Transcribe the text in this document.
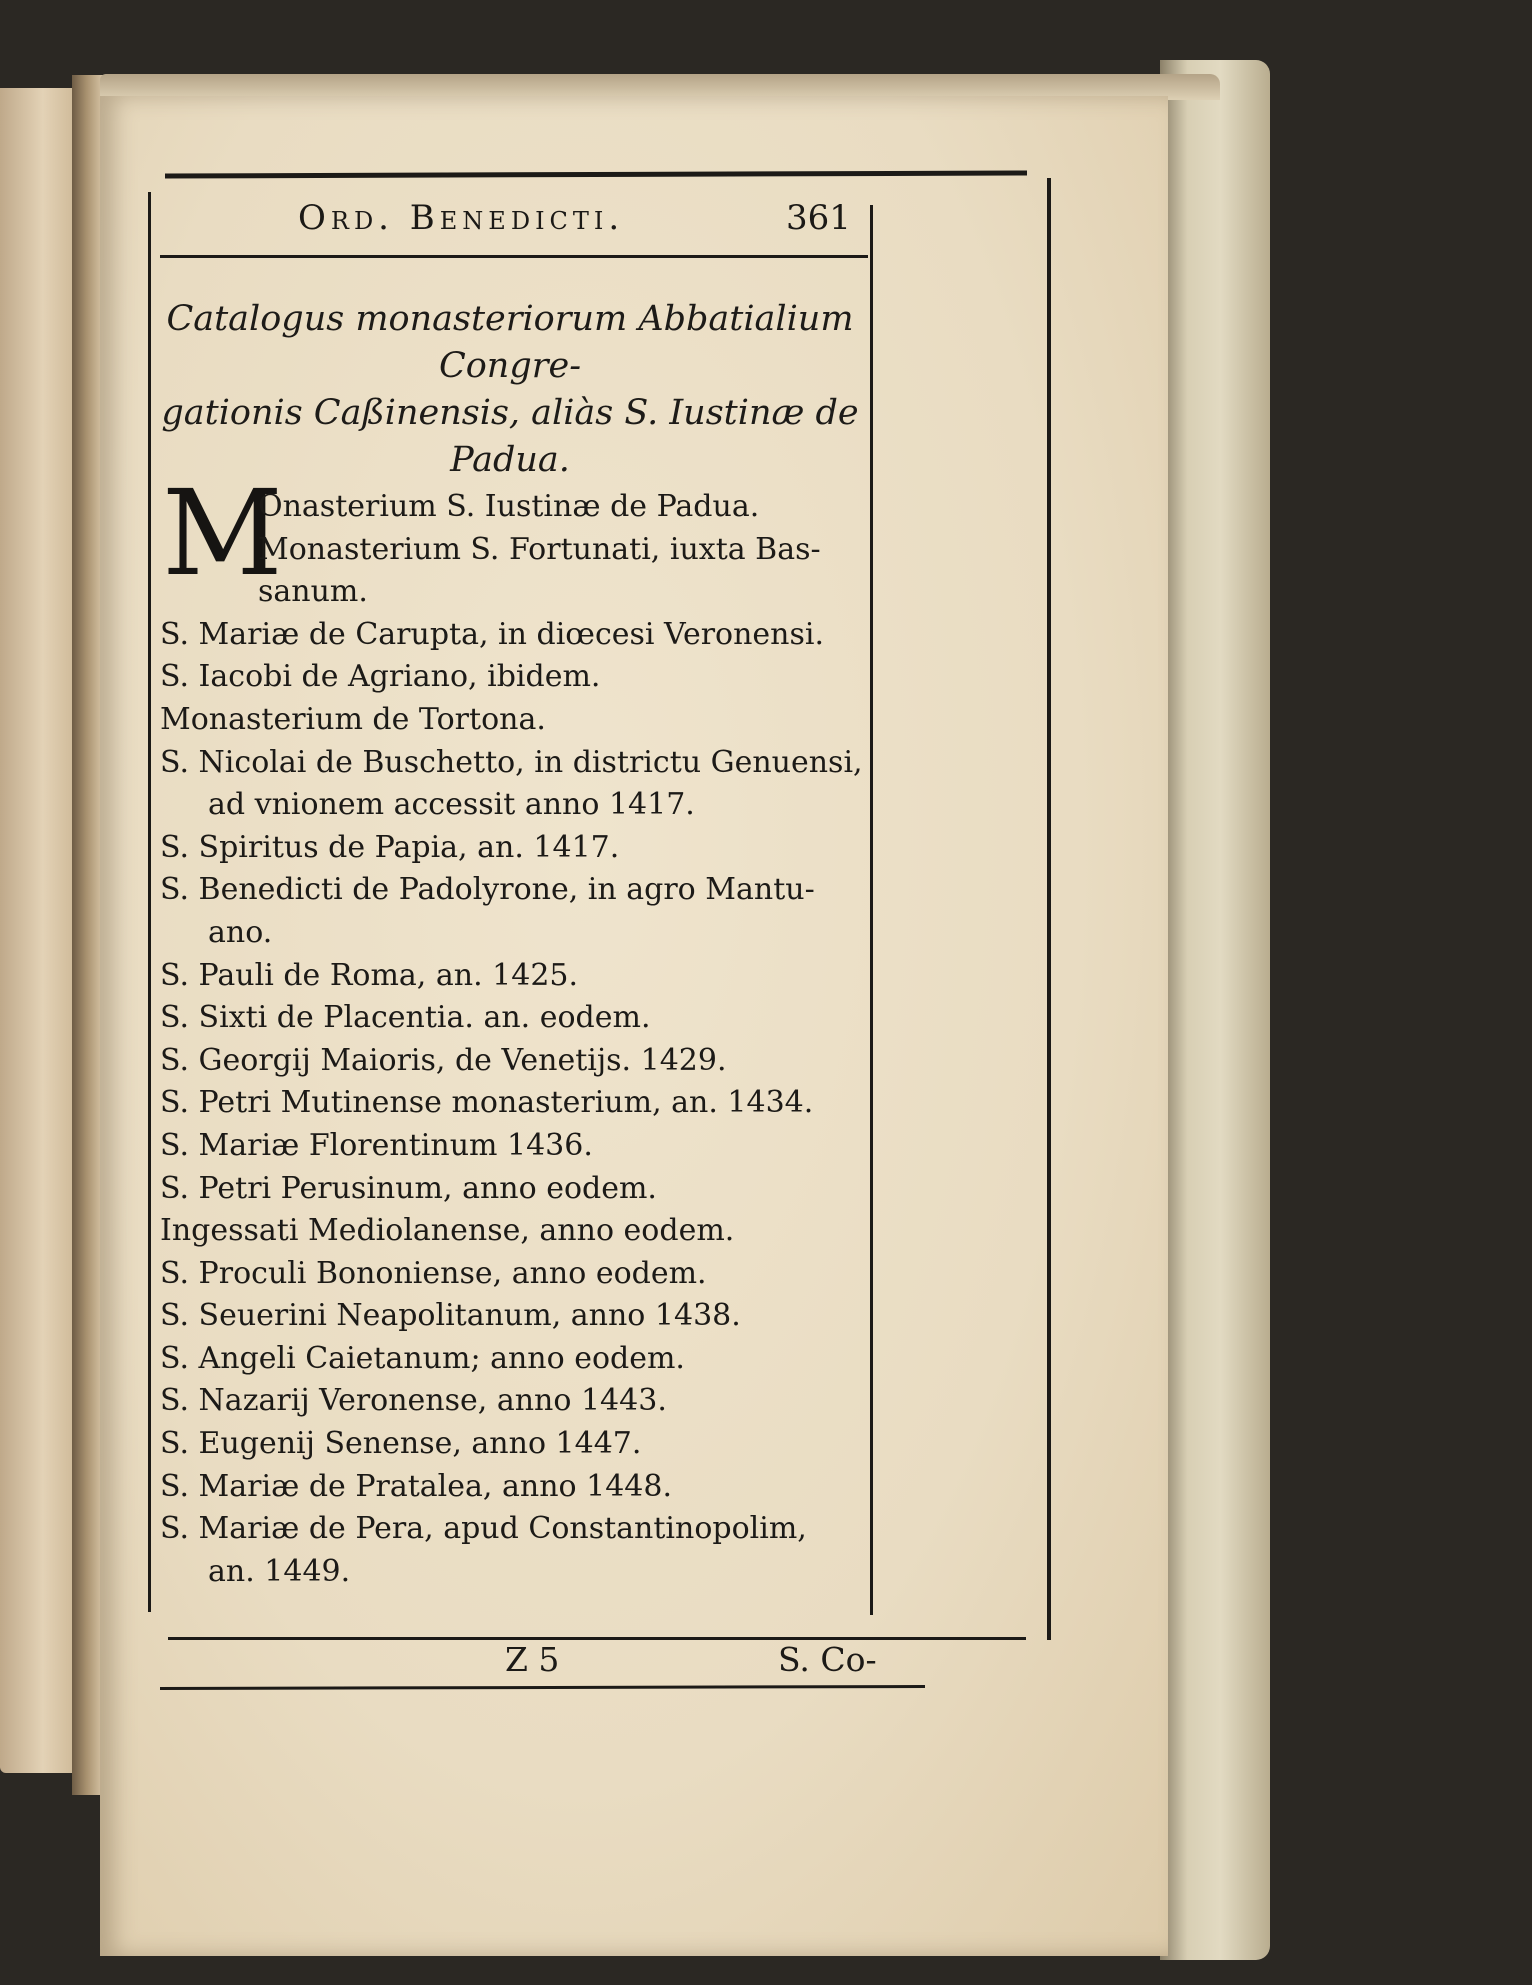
Ord. Benedicti.	361
Catalogus monasteriorum Abbatialium Congre-
gationis Caßinensis, aliàs S. Iustinæ de
Padua.
M
Onasterium S. Iustinæ de Padua.
Monasterium S. Fortunati, iuxta Bas-
sanum.
S. Mariæ de Carupta, in diœcesi Veronensi.
S. Iacobi de Agriano, ibidem.
Monasterium de Tortona.
S. Nicolai de Buschetto, in districtu Genuensi,
ad vnionem accessit anno 1417.
S. Spiritus de Papia, an. 1417.
S. Benedicti de Padolyrone, in agro Mantu-
ano.
S. Pauli de Roma, an. 1425.
S. Sixti de Placentia. an. eodem.
S. Georgij Maioris, de Venetijs. 1429.
S. Petri Mutinense monasterium, an. 1434.
S. Mariæ Florentinum 1436.
S. Petri Perusinum, anno eodem.
Ingessati Mediolanense, anno eodem.
S. Proculi Bononiense, anno eodem.
S. Seuerini Neapolitanum, anno 1438.
S. Angeli Caietanum; anno eodem.
S. Nazarij Veronense, anno 1443.
S. Eugenij Senense, anno 1447.
S. Mariæ de Pratalea, anno 1448.
S. Mariæ de Pera, apud Constantinopolim,
an. 1449.
Z 5	S. Co-
